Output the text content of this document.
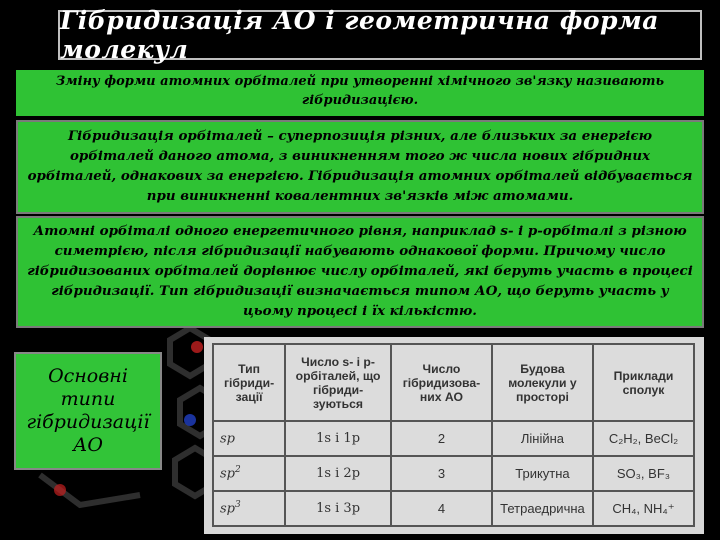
Гібридизація АО і геометрична форма молекул
Зміну форми атомних орбіталей при утворенні хімічного зв'язку називають гібридизацією.
Гібридизація орбіталей – суперпозиція різних, але близьких за енергією орбіталей даного атома, з виникненням того ж числа нових гібридних орбіталей, однакових за енергією. Гібридизація атомних орбіталей відбувається при виникненні ковалентних зв'язків між атомами.
Атомні орбіталі одного енергетичного рівня, наприклад s- і p-орбіталі з різною симетрією, після гібридизації набувають однакової форми. Причому число гібридизованих орбіталей дорівнює числу орбіталей, які беруть участь в процесі гібридизації. Тип гібридизації визначається типом АО, що беруть участь у цьому процесі і їх кількістю.
Основні
типи
гібридизації
АО
Тип гібриди- зації	Число s- і p- орбіталей, що гібриди- зуються	Число гібридизова- них АО	Будова молекули у просторі	Приклади сполук
sp	1s і 1p	2	Лінійна	C₂H₂, BeCl₂
$sp^2$	1s і 2p	3	Трикутна	SO₃, BF₃
$sp^3$	1s і 3p	4	Тетраедрична	CH₄, NH₄⁺
